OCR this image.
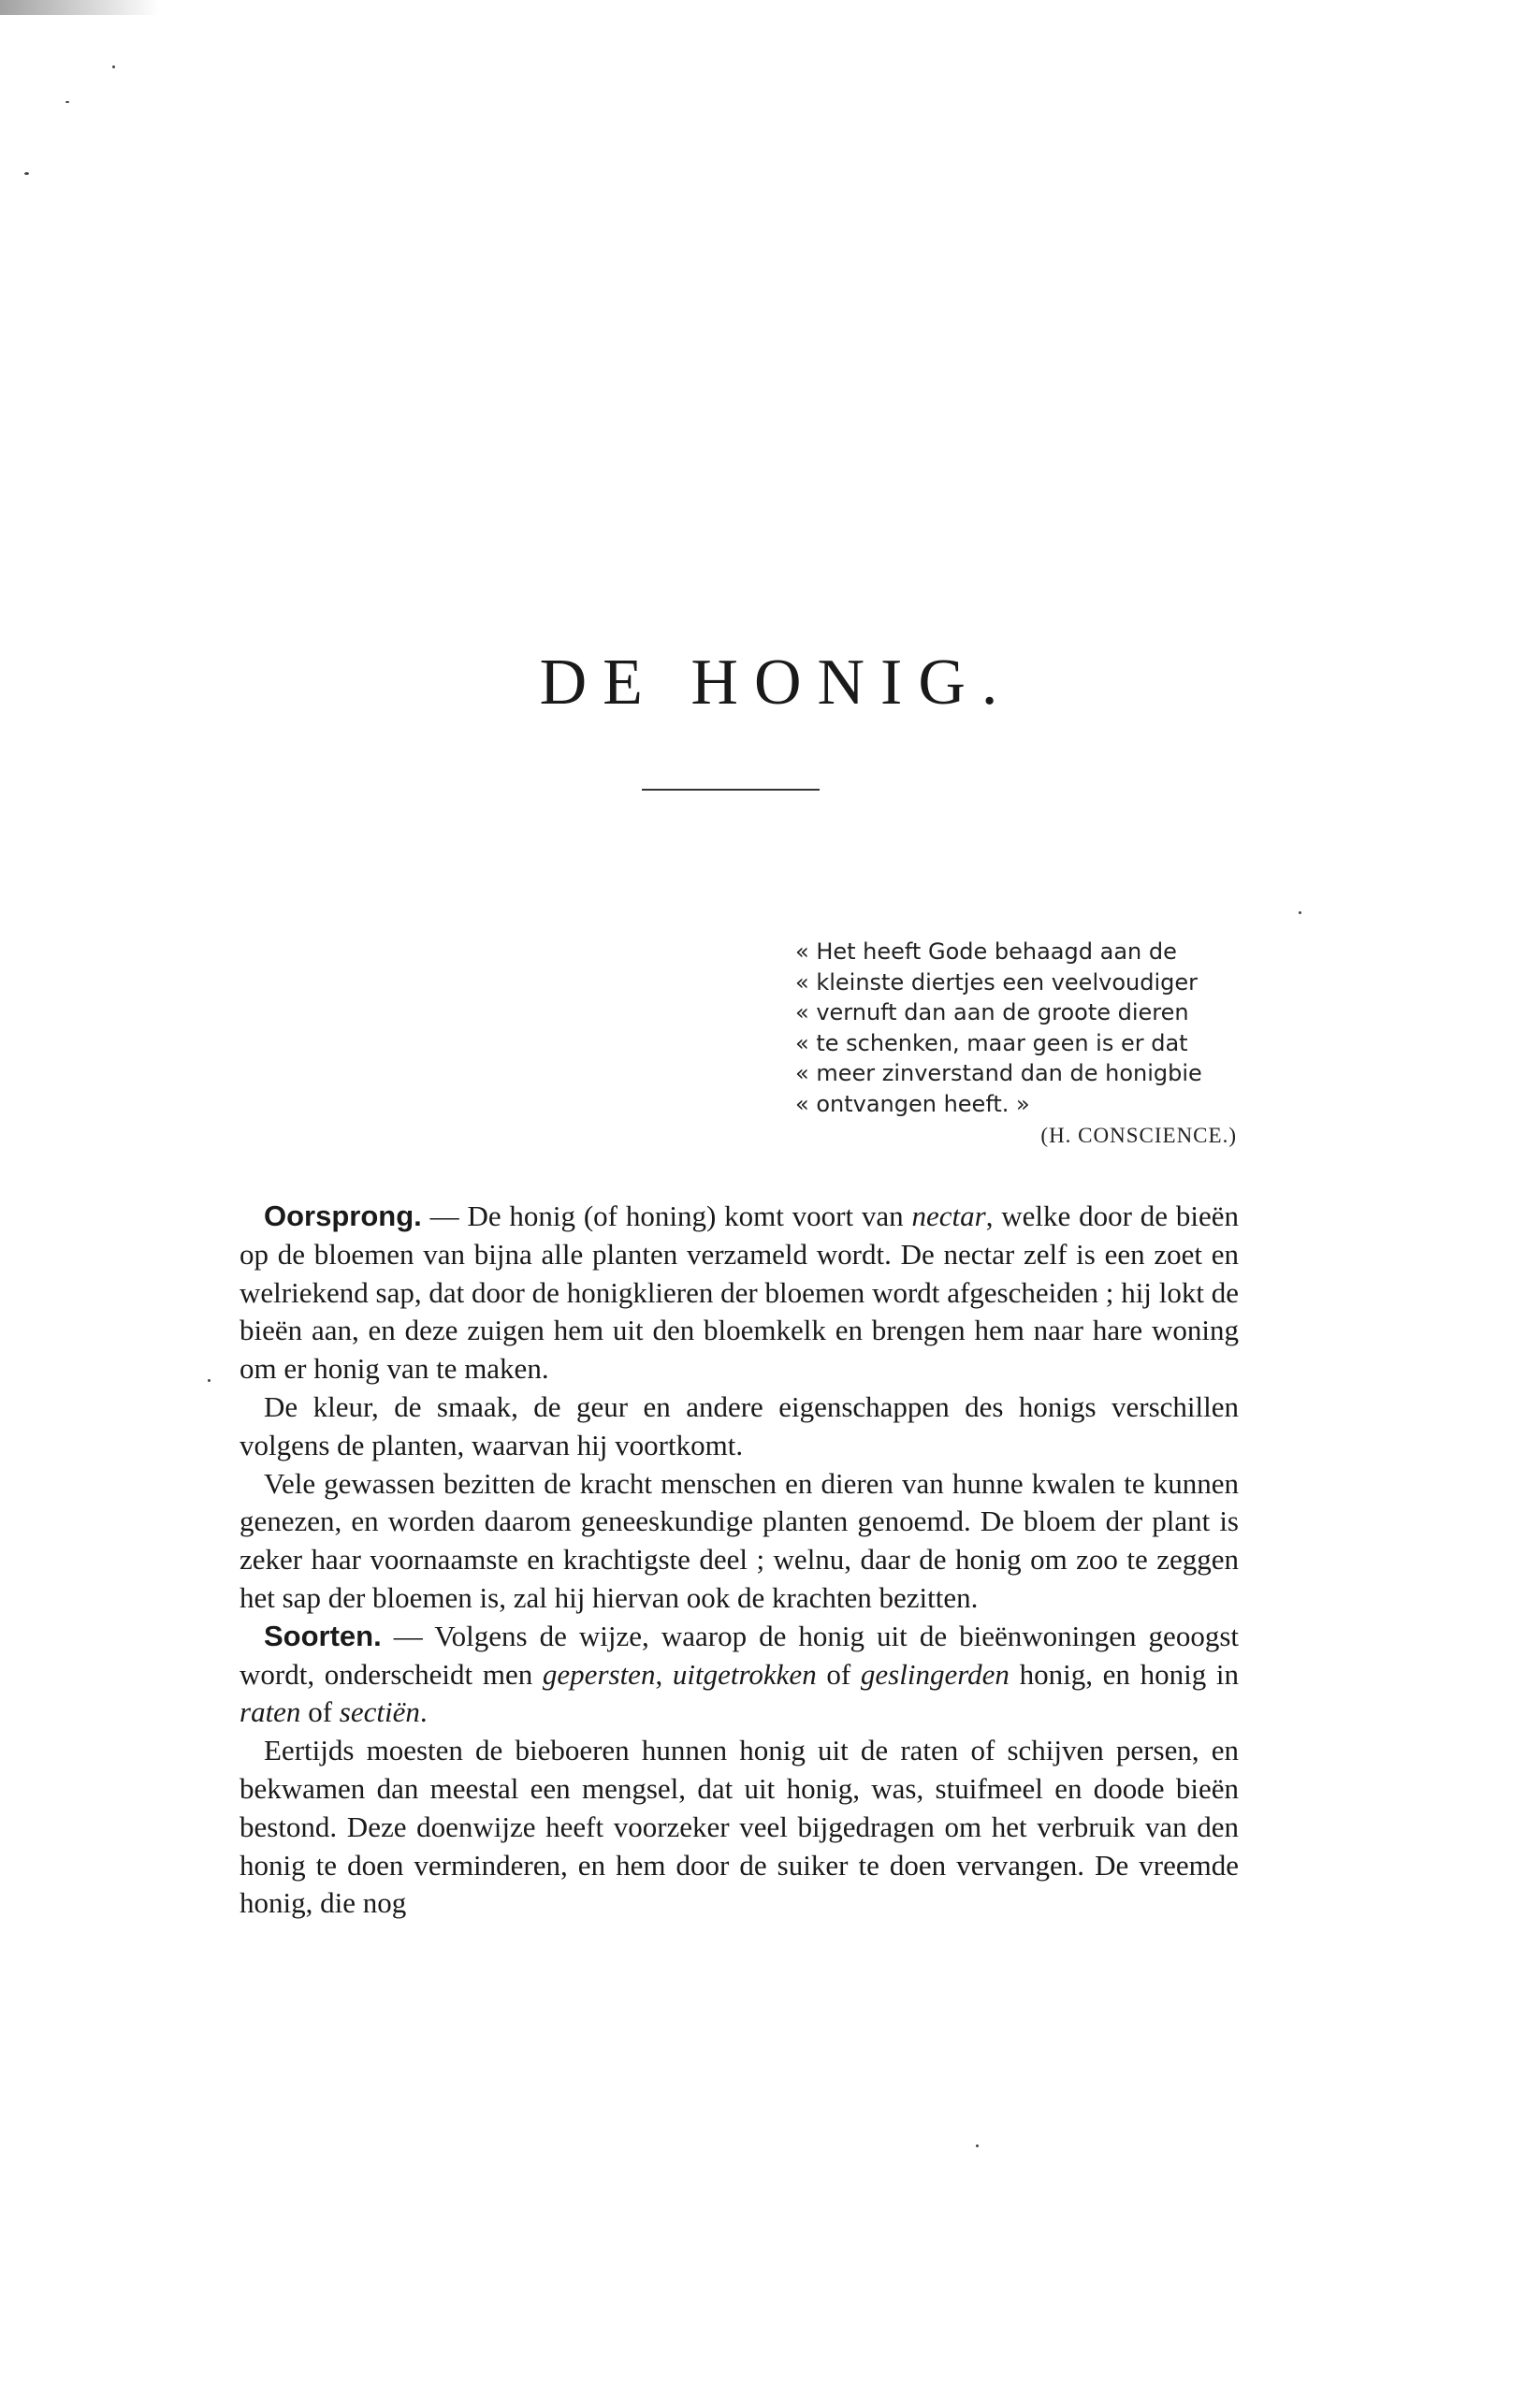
DE HONIG.
« Het heeft Gode behaagd aan de
« kleinste diertjes een veelvoudiger
« vernuft dan aan de groote dieren
« te schenken, maar geen is er dat
« meer zinverstand dan de honigbie
« ontvangen heeft. »
(H. CONSCIENCE.)

Oorsprong. — De honig (of honing) komt voort van nectar, welke door de bieën op de bloemen van bijna alle planten verzameld wordt. De nectar zelf is een zoet en welriekend sap, dat door de honigklieren der bloemen wordt afgescheiden ; hij lokt de bieën aan, en deze zuigen hem uit den bloemkelk en brengen hem naar hare woning om er honig van te maken.

De kleur, de smaak, de geur en andere eigenschappen des honigs verschillen volgens de planten, waarvan hij voortkomt.

Vele gewassen bezitten de kracht menschen en dieren van hunne kwalen te kunnen genezen, en worden daarom geneeskundige planten genoemd. De bloem der plant is zeker haar voornaamste en krachtigste deel ; welnu, daar de honig om zoo te zeggen het sap der bloemen is, zal hij hiervan ook de krachten bezitten.

Soorten. — Volgens de wijze, waarop de honig uit de bieënwoningen geoogst wordt, onderscheidt men gepersten, uitgetrokken of geslingerden honig, en honig in raten of sectiën.

Eertijds moesten de bieboeren hunnen honig uit de raten of schijven persen, en bekwamen dan meestal een mengsel, dat uit honig, was, stuifmeel en doode bieën bestond. Deze doenwijze heeft voorzeker veel bijgedragen om het verbruik van den honig te doen verminderen, en hem door de suiker te doen vervangen. De vreemde honig, die nog
